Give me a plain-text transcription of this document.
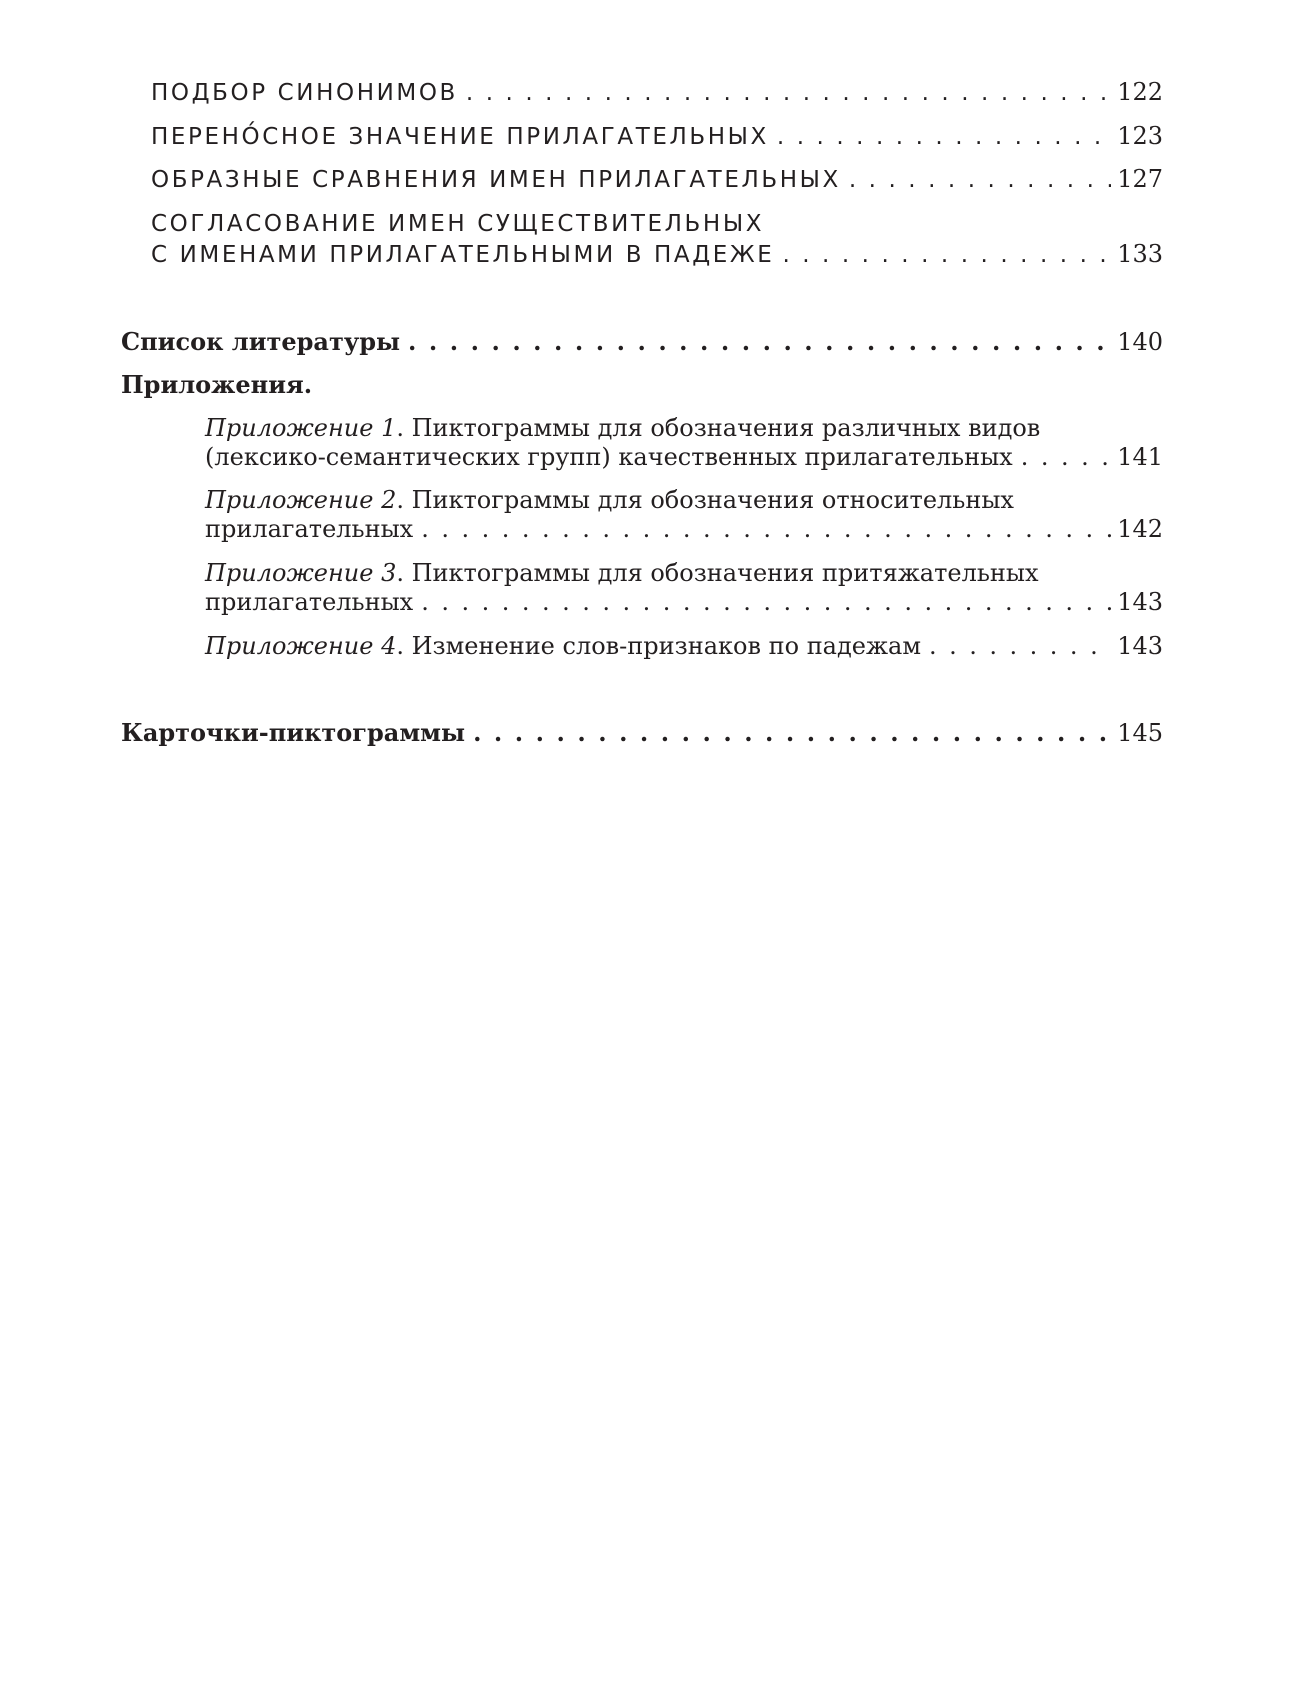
ПОДБОР СИНОНИМОВ .....	122
ПЕРЕНО́СНОЕ ЗНАЧЕНИЕ ПРИЛАГАТЕЛЬНЫХ .....	123
ОБРАЗНЫЕ СРАВНЕНИЯ ИМЕН ПРИЛАГАТЕЛЬНЫХ .....	127
СОГЛАСОВАНИЕ ИМЕН СУЩЕСТВИТЕЛЬНЫХ
С ИМЕНАМИ ПРИЛАГАТЕЛЬНЫМИ В ПАДЕЖЕ .....	133
Список литературы .....	140
Приложения.
Приложение 1. Пиктограммы для обозначения различных видов
(лексико-семантических групп) качественных прилагательных .....	141
Приложение 2. Пиктограммы для обозначения относительных
прилагательных .....	142
Приложение 3. Пиктограммы для обозначения притяжательных
прилагательных .....	143
Приложение 4. Изменение слов-признаков по падежам .....	143
Карточки-пиктограммы .....	145
